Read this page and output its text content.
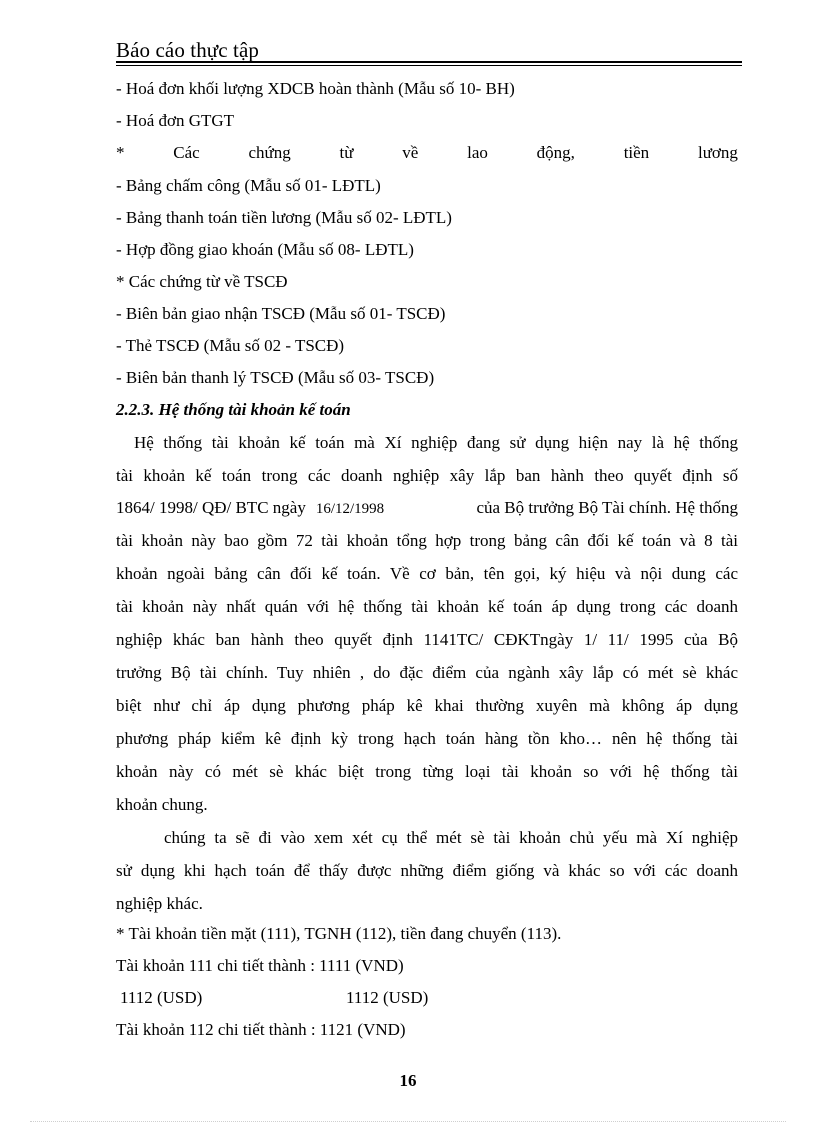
Báo cáo thực tập
- Hoá đơn khối lượng XDCB hoàn thành (Mẫu số 10- BH)
- Hoá đơn GTGT
*	Các	chứng	từ	về	lao	động,	tiền	lương
- Bảng chấm công (Mẫu số 01- LĐTL)
- Bảng thanh toán tiền lương (Mẫu số 02- LĐTL)
- Hợp đồng giao khoán (Mẫu số 08- LĐTL)
* Các chứng từ về TSCĐ
- Biên bản giao nhận TSCĐ (Mẫu số 01- TSCĐ)
- Thẻ TSCĐ (Mẫu số 02 - TSCĐ)
- Biên bản thanh lý TSCĐ (Mẫu số 03- TSCĐ)
2.2.3. Hệ thống tài khoản kế toán
Hệ thống tài khoản kế toán mà Xí nghiệp đang sử dụng hiện nay là hệ thống
tài khoản kế toán trong các doanh nghiệp xây lắp ban hành theo quyết định số
1864/ 1998/ QĐ/ BTC ngày 16/12/1998	của Bộ trưởng Bộ Tài chính. Hệ thống
tài khoản này bao gồm 72 tài khoản tổng hợp trong bảng cân đối kế toán và 8 tài
khoản ngoài bảng cân đối kế toán. Về cơ bản, tên gọi, ký hiệu và nội dung các
tài khoản này nhất quán với hệ thống tài khoản kế toán áp dụng trong các doanh
nghiệp khác ban hành theo quyết định 1141TC/ CĐKTngày 1/ 11/ 1995 của Bộ
trưởng Bộ tài chính. Tuy nhiên , do đặc điểm của ngành xây lắp có mét sè khác
biệt như chỉ áp dụng phương pháp kê khai thường xuyên mà không áp dụng
phương pháp kiểm kê định kỳ trong hạch toán hàng tồn kho… nên hệ thống tài
khoản này có mét sè khác biệt trong từng loại tài khoản so với hệ thống tài
khoản chung.
chúng ta sẽ đi vào xem xét cụ thể mét sè tài khoản chủ yếu mà Xí nghiệp
sử dụng khi hạch toán để thấy được những điểm giống và khác so với các doanh
nghiệp khác.
* Tài khoản tiền mặt (111), TGNH (112), tiền đang chuyển (113).
Tài khoản 111 chi tiết thành : 1111 (VND)
1112 (USD)	1112 (USD)
Tài khoản 112 chi tiết thành : 1121 (VND)
16
